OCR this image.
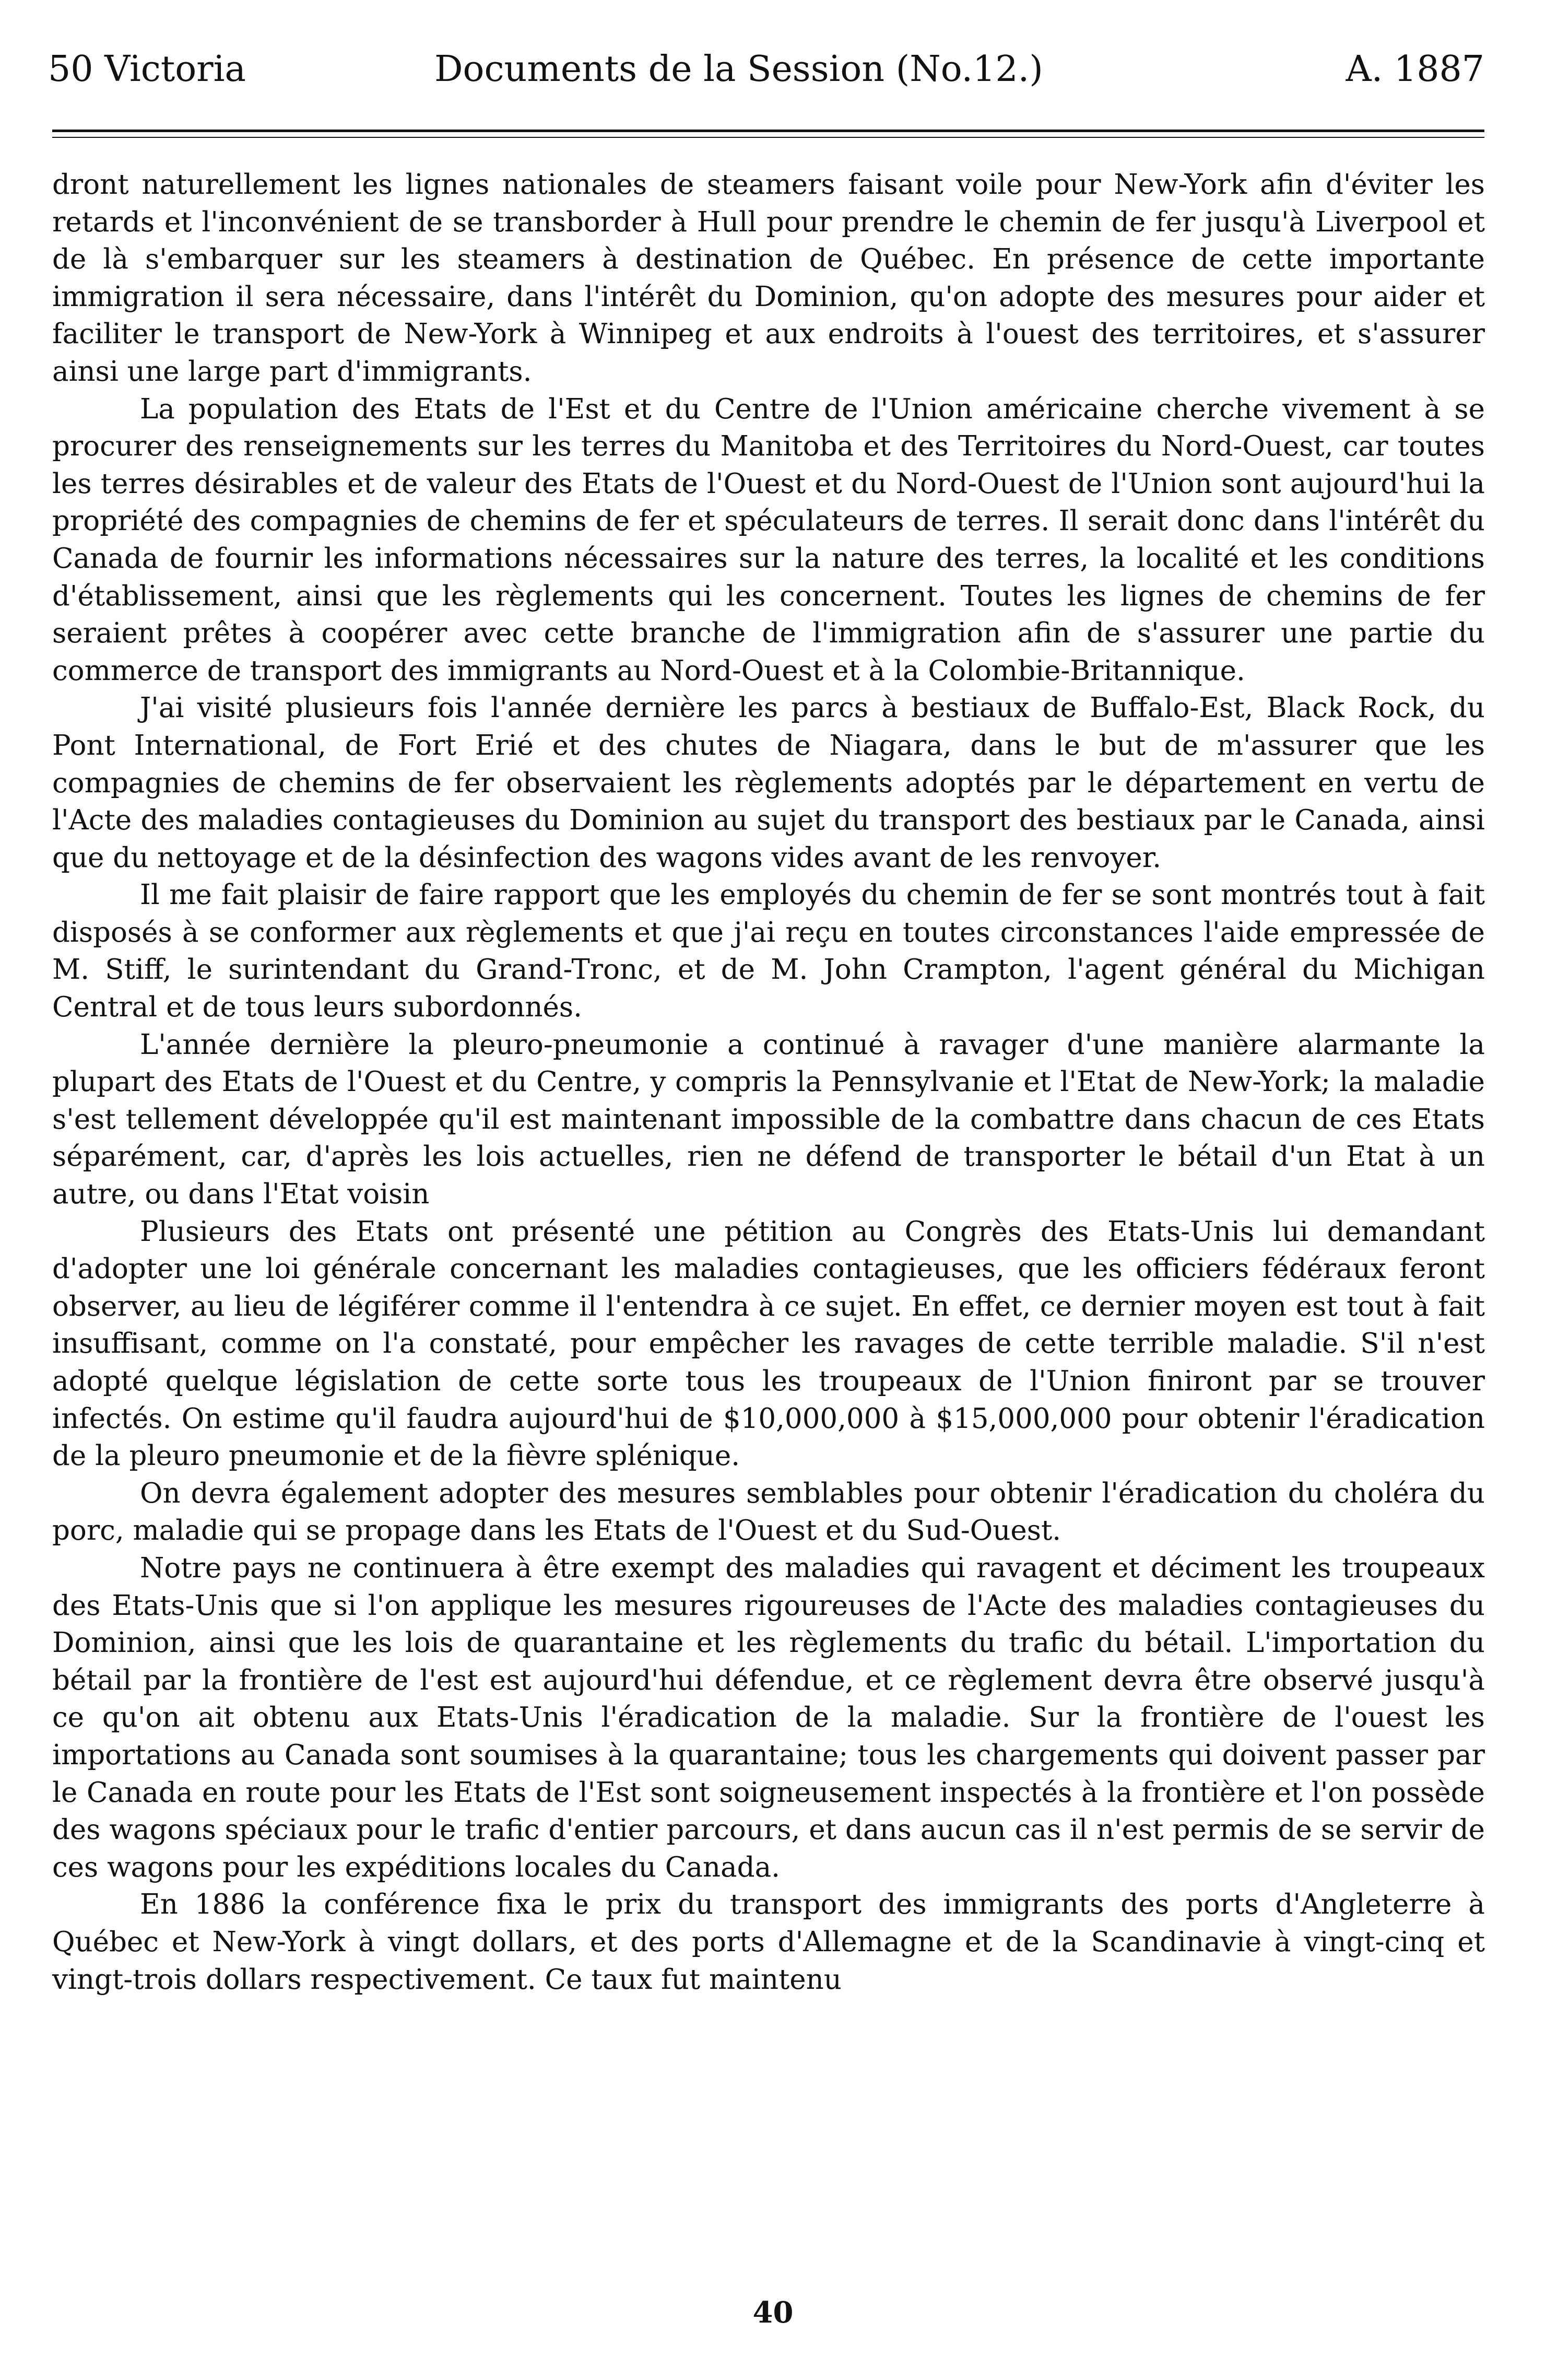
50 Victoria	Documents de la Session (No.12.)	A. 1887

dront naturellement les lignes nationales de steamers faisant voile pour New-York afin d'éviter les retards et l'inconvénient de se transborder à Hull pour prendre le chemin de fer jusqu'à Liverpool et de là s'embarquer sur les steamers à destination de Québec. En présence de cette importante immigration il sera nécessaire, dans l'intérêt du Dominion, qu'on adopte des mesures pour aider et faciliter le transport de New-York à Winnipeg et aux endroits à l'ouest des territoires, et s'assurer ainsi une large part d'immigrants.

La population des Etats de l'Est et du Centre de l'Union américaine cherche vivement à se procurer des renseignements sur les terres du Manitoba et des Territoires du Nord-Ouest, car toutes les terres désirables et de valeur des Etats de l'Ouest et du Nord-Ouest de l'Union sont aujourd'hui la propriété des compagnies de chemins de fer et spéculateurs de terres. Il serait donc dans l'intérêt du Canada de fournir les informations nécessaires sur la nature des terres, la localité et les conditions d'établissement, ainsi que les règlements qui les concernent. Toutes les lignes de chemins de fer seraient prêtes à coopérer avec cette branche de l'immigration afin de s'assurer une partie du commerce de transport des immigrants au Nord-Ouest et à la Colombie-Britannique.

J'ai visité plusieurs fois l'année dernière les parcs à bestiaux de Buffalo-Est, Black Rock, du Pont International, de Fort Erié et des chutes de Niagara, dans le but de m'assurer que les compagnies de chemins de fer observaient les règlements adoptés par le département en vertu de l'Acte des maladies contagieuses du Dominion au sujet du transport des bestiaux par le Canada, ainsi que du nettoyage et de la désinfection des wagons vides avant de les renvoyer.

Il me fait plaisir de faire rapport que les employés du chemin de fer se sont montrés tout à fait disposés à se conformer aux règlements et que j'ai reçu en toutes circonstances l'aide empressée de M. Stiff, le surintendant du Grand-Tronc, et de M. John Crampton, l'agent général du Michigan Central et de tous leurs subordonnés.

L'année dernière la pleuro-pneumonie a continué à ravager d'une manière alarmante la plupart des Etats de l'Ouest et du Centre, y compris la Pennsylvanie et l'Etat de New-York; la maladie s'est tellement développée qu'il est maintenant impossible de la combattre dans chacun de ces Etats séparément, car, d'après les lois actuelles, rien ne défend de transporter le bétail d'un Etat à un autre, ou dans l'Etat voisin

Plusieurs des Etats ont présenté une pétition au Congrès des Etats-Unis lui demandant d'adopter une loi générale concernant les maladies contagieuses, que les officiers fédéraux feront observer, au lieu de légiférer comme il l'entendra à ce sujet. En effet, ce dernier moyen est tout à fait insuffisant, comme on l'a constaté, pour empêcher les ravages de cette terrible maladie. S'il n'est adopté quelque législation de cette sorte tous les troupeaux de l'Union finiront par se trouver infectés. On estime qu'il faudra aujourd'hui de $10,000,000 à $15,000,000 pour obtenir l'éradication de la pleuro pneumonie et de la fièvre splénique.

On devra également adopter des mesures semblables pour obtenir l'éradication du choléra du porc, maladie qui se propage dans les Etats de l'Ouest et du Sud-Ouest.

Notre pays ne continuera à être exempt des maladies qui ravagent et déciment les troupeaux des Etats-Unis que si l'on applique les mesures rigoureuses de l'Acte des maladies contagieuses du Dominion, ainsi que les lois de quarantaine et les règlements du trafic du bétail. L'importation du bétail par la frontière de l'est est aujourd'hui défendue, et ce règlement devra être observé jusqu'à ce qu'on ait obtenu aux Etats-Unis l'éradication de la maladie. Sur la frontière de l'ouest les importations au Canada sont soumises à la quarantaine; tous les chargements qui doivent passer par le Canada en route pour les Etats de l'Est sont soigneusement inspectés à la frontière et l'on possède des wagons spéciaux pour le trafic d'entier parcours, et dans aucun cas il n'est permis de se servir de ces wagons pour les expéditions locales du Canada.

En 1886 la conférence fixa le prix du transport des immigrants des ports d'Angleterre à Québec et New-York à vingt dollars, et des ports d'Allemagne et de la Scandinavie à vingt-cinq et vingt-trois dollars respectivement. Ce taux fut maintenu

40
